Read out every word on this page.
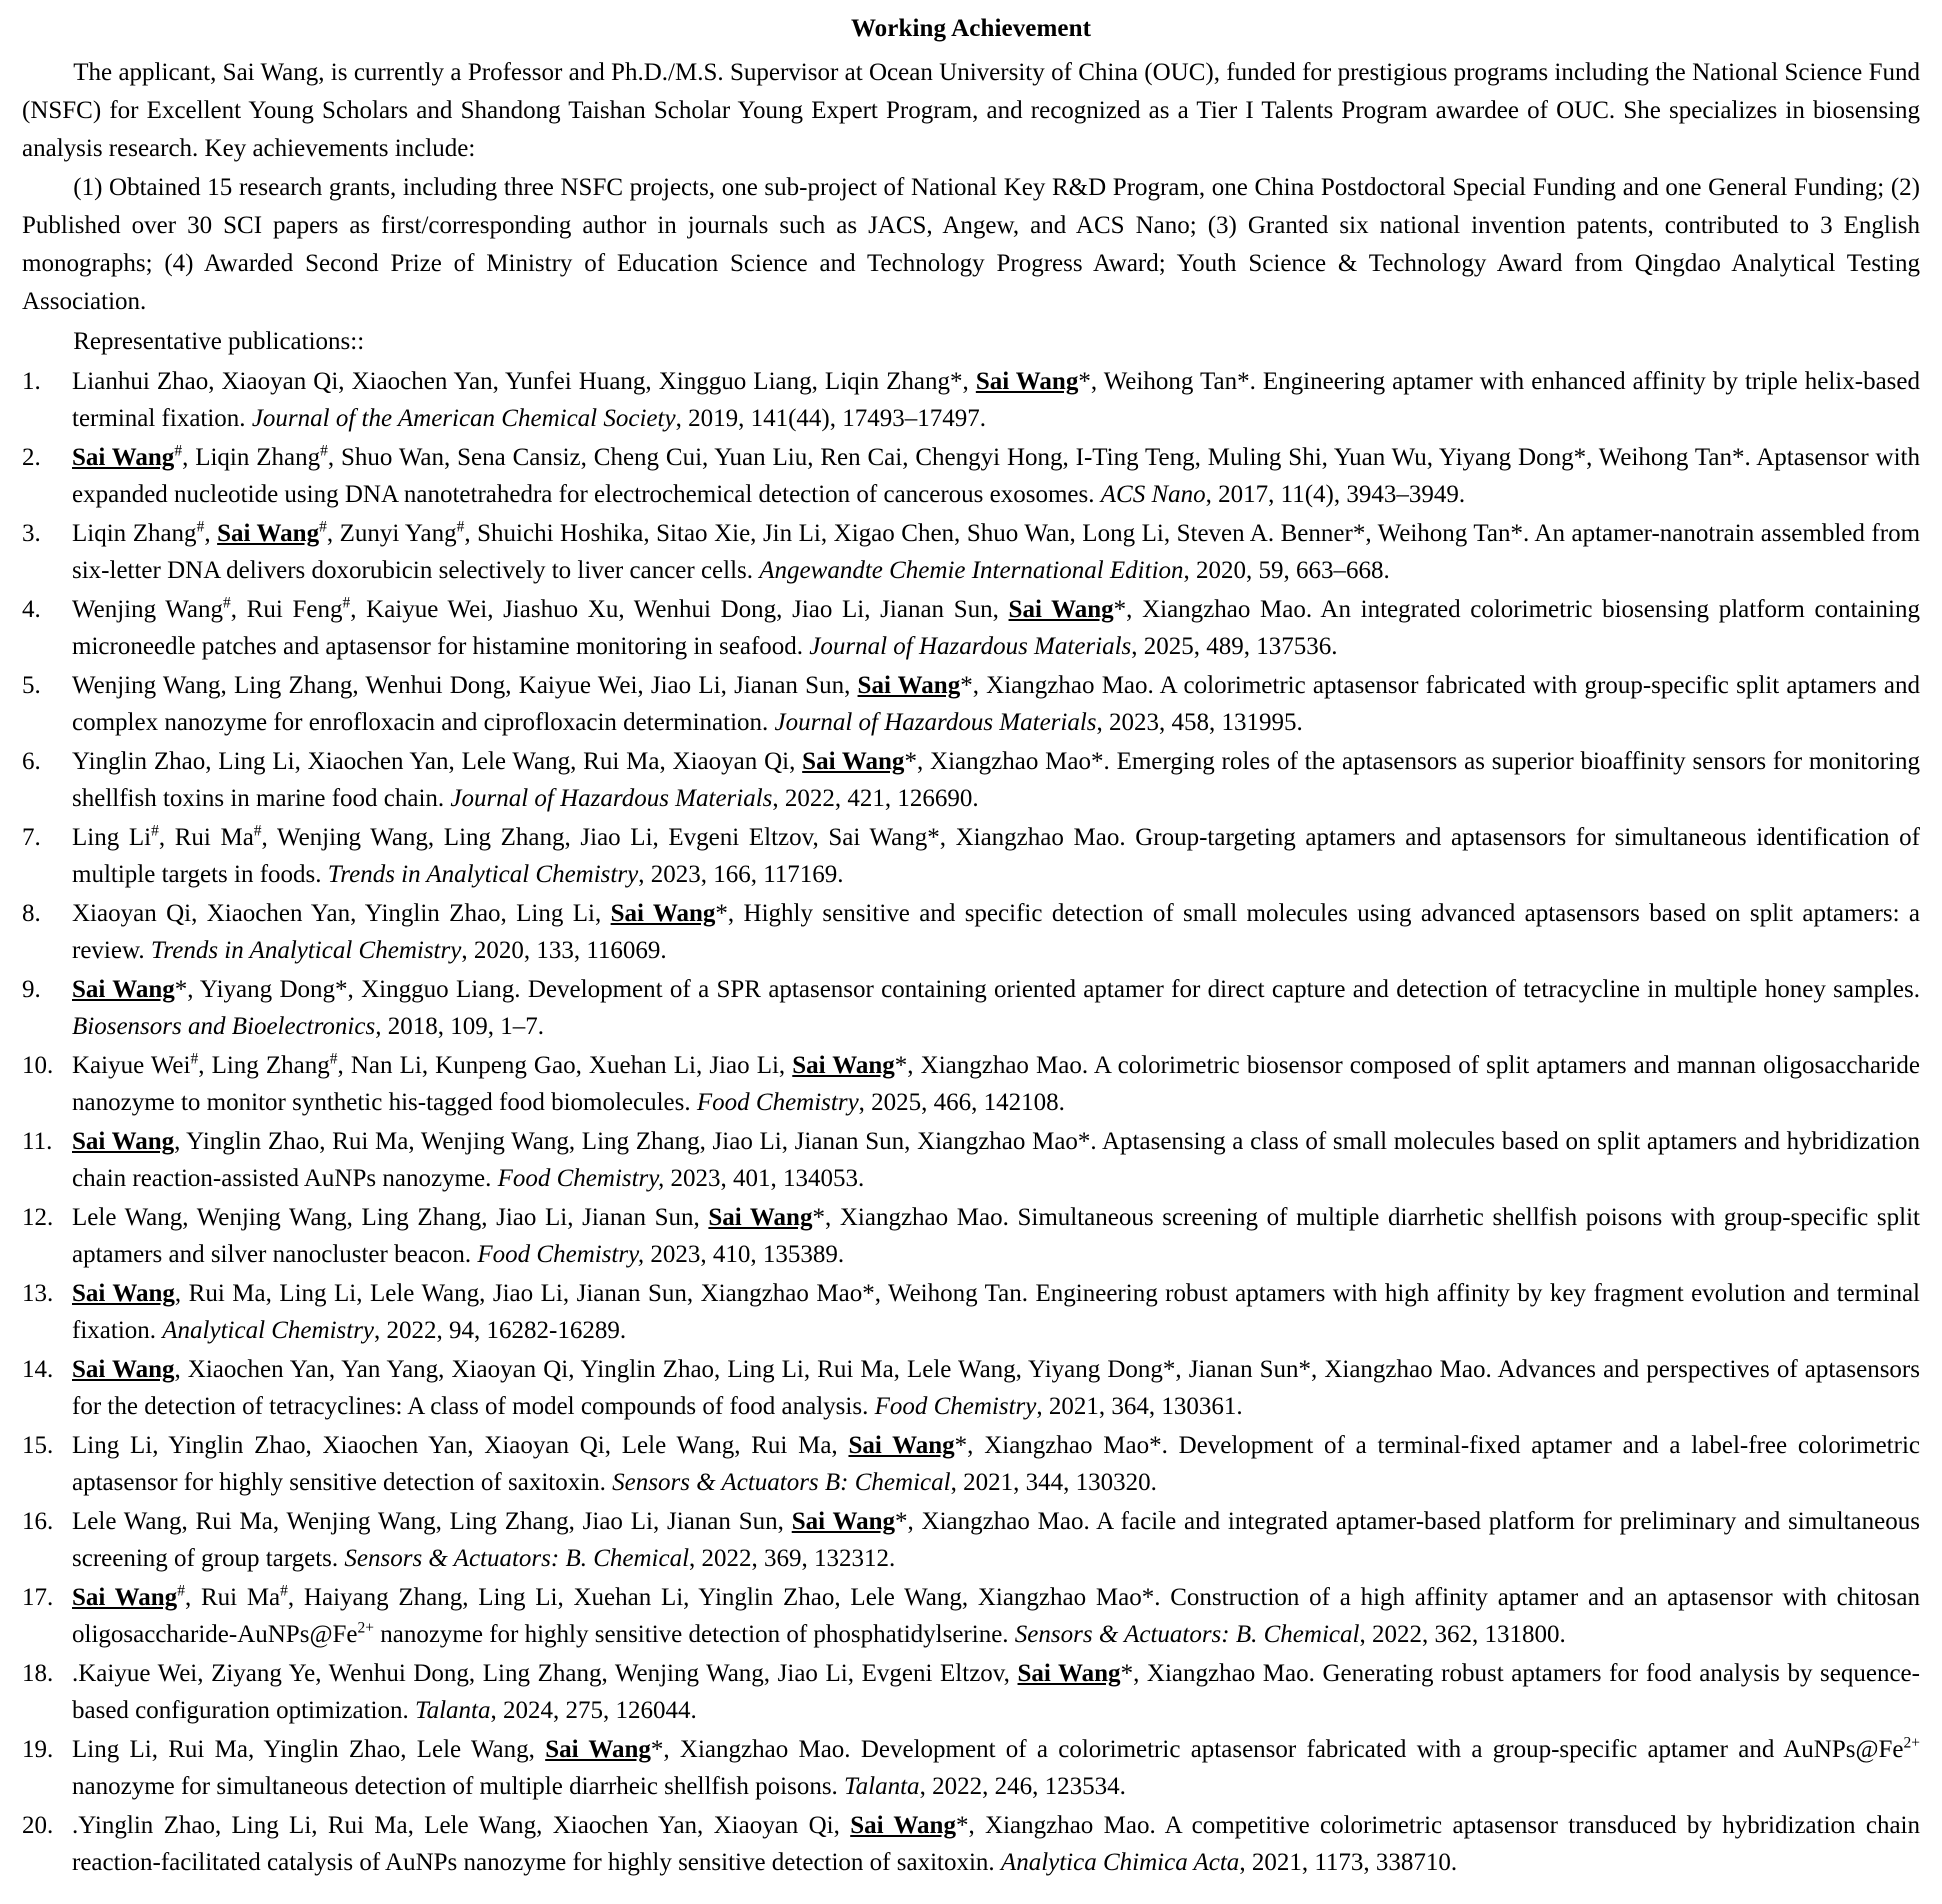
Working Achievement

The applicant, Sai Wang, is currently a Professor and Ph.D./M.S. Supervisor at Ocean University of China (OUC), funded for prestigious programs including the National Science Fund (NSFC) for Excellent Young Scholars and Shandong Taishan Scholar Young Expert Program, and recognized as a Tier I Talents Program awardee of OUC. She specializes in biosensing analysis research. Key achievements include:

(1) Obtained 15 research grants, including three NSFC projects, one sub-project of National Key R&D Program, one China Postdoctoral Special Funding and one General Funding; (2) Published over 30 SCI papers as first/corresponding author in journals such as JACS, Angew, and ACS Nano; (3) Granted six national invention patents, contributed to 3 English monographs; (4) Awarded Second Prize of Ministry of Education Science and Technology Progress Award; Youth Science & Technology Award from Qingdao Analytical Testing Association.

Representative publications::
1.	Lianhui Zhao, Xiaoyan Qi, Xiaochen Yan, Yunfei Huang, Xingguo Liang, Liqin Zhang*, Sai Wang*, Weihong Tan*. Engineering aptamer with enhanced affinity by triple helix-based terminal fixation. Journal of the American Chemical Society, 2019, 141(44), 17493–17497.
2.	Sai Wang#, Liqin Zhang#, Shuo Wan, Sena Cansiz, Cheng Cui, Yuan Liu, Ren Cai, Chengyi Hong, I-Ting Teng, Muling Shi, Yuan Wu, Yiyang Dong*, Weihong Tan*. Aptasensor with expanded nucleotide using DNA nanotetrahedra for electrochemical detection of cancerous exosomes. ACS Nano, 2017, 11(4), 3943–3949.
3.	Liqin Zhang#, Sai Wang#, Zunyi Yang#, Shuichi Hoshika, Sitao Xie, Jin Li, Xigao Chen, Shuo Wan, Long Li, Steven A. Benner*, Weihong Tan*. An aptamer-nanotrain assembled from six-letter DNA delivers doxorubicin selectively to liver cancer cells. Angewandte Chemie International Edition, 2020, 59, 663–668.
4.	Wenjing Wang#, Rui Feng#, Kaiyue Wei, Jiashuo Xu, Wenhui Dong, Jiao Li, Jianan Sun, Sai Wang*, Xiangzhao Mao. An integrated colorimetric biosensing platform containing microneedle patches and aptasensor for histamine monitoring in seafood. Journal of Hazardous Materials, 2025, 489, 137536.
5.	Wenjing Wang, Ling Zhang, Wenhui Dong, Kaiyue Wei, Jiao Li, Jianan Sun, Sai Wang*, Xiangzhao Mao. A colorimetric aptasensor fabricated with group-specific split aptamers and complex nanozyme for enrofloxacin and ciprofloxacin determination. Journal of Hazardous Materials, 2023, 458, 131995.
6.	Yinglin Zhao, Ling Li, Xiaochen Yan, Lele Wang, Rui Ma, Xiaoyan Qi, Sai Wang*, Xiangzhao Mao*. Emerging roles of the aptasensors as superior bioaffinity sensors for monitoring shellfish toxins in marine food chain. Journal of Hazardous Materials, 2022, 421, 126690.
7.	Ling Li#, Rui Ma#, Wenjing Wang, Ling Zhang, Jiao Li, Evgeni Eltzov, Sai Wang*, Xiangzhao Mao. Group-targeting aptamers and aptasensors for simultaneous identification of multiple targets in foods. Trends in Analytical Chemistry, 2023, 166, 117169.
8.	Xiaoyan Qi, Xiaochen Yan, Yinglin Zhao, Ling Li, Sai Wang*, Highly sensitive and specific detection of small molecules using advanced aptasensors based on split aptamers: a review. Trends in Analytical Chemistry, 2020, 133, 116069.
9.	Sai Wang*, Yiyang Dong*, Xingguo Liang. Development of a SPR aptasensor containing oriented aptamer for direct capture and detection of tetracycline in multiple honey samples. Biosensors and Bioelectronics, 2018, 109, 1–7.
10. Kaiyue Wei#, Ling Zhang#, Nan Li, Kunpeng Gao, Xuehan Li, Jiao Li, Sai Wang*, Xiangzhao Mao. A colorimetric biosensor composed of split aptamers and mannan oligosaccharide nanozyme to monitor synthetic his-tagged food biomolecules. Food Chemistry, 2025, 466, 142108.
11. Sai Wang, Yinglin Zhao, Rui Ma, Wenjing Wang, Ling Zhang, Jiao Li, Jianan Sun, Xiangzhao Mao*. Aptasensing a class of small molecules based on split aptamers and hybridization chain reaction-assisted AuNPs nanozyme. Food Chemistry, 2023, 401, 134053.
12. Lele Wang, Wenjing Wang, Ling Zhang, Jiao Li, Jianan Sun, Sai Wang*, Xiangzhao Mao. Simultaneous screening of multiple diarrhetic shellfish poisons with group-specific split aptamers and silver nanocluster beacon. Food Chemistry, 2023, 410, 135389.
13. Sai Wang, Rui Ma, Ling Li, Lele Wang, Jiao Li, Jianan Sun, Xiangzhao Mao*, Weihong Tan. Engineering robust aptamers with high affinity by key fragment evolution and terminal fixation. Analytical Chemistry, 2022, 94, 16282-16289.
14. Sai Wang, Xiaochen Yan, Yan Yang, Xiaoyan Qi, Yinglin Zhao, Ling Li, Rui Ma, Lele Wang, Yiyang Dong*, Jianan Sun*, Xiangzhao Mao. Advances and perspectives of aptasensors for the detection of tetracyclines: A class of model compounds of food analysis. Food Chemistry, 2021, 364, 130361.
15. Ling Li, Yinglin Zhao, Xiaochen Yan, Xiaoyan Qi, Lele Wang, Rui Ma, Sai Wang*, Xiangzhao Mao*. Development of a terminal-fixed aptamer and a label-free colorimetric aptasensor for highly sensitive detection of saxitoxin. Sensors & Actuators B: Chemical, 2021, 344, 130320.
16. Lele Wang, Rui Ma, Wenjing Wang, Ling Zhang, Jiao Li, Jianan Sun, Sai Wang*, Xiangzhao Mao. A facile and integrated aptamer-based platform for preliminary and simultaneous screening of group targets. Sensors & Actuators: B. Chemical, 2022, 369, 132312.
17. Sai Wang#, Rui Ma#, Haiyang Zhang, Ling Li, Xuehan Li, Yinglin Zhao, Lele Wang, Xiangzhao Mao*. Construction of a high affinity aptamer and an aptasensor with chitosan oligosaccharide-$AuNPs@Fe^{2+}$ nanozyme for highly sensitive detection of phosphatidylserine. Sensors & Actuators: B. Chemical, 2022, 362, 131800.
18. .Kaiyue Wei, Ziyang Ye, Wenhui Dong, Ling Zhang, Wenjing Wang, Jiao Li, Evgeni Eltzov, Sai Wang*, Xiangzhao Mao. Generating robust aptamers for food analysis by sequence-based configuration optimization. Talanta, 2024, 275, 126044.
19. Ling Li, Rui Ma, Yinglin Zhao, Lele Wang, Sai Wang*, Xiangzhao Mao. Development of a colorimetric aptasensor fabricated with a group-specific aptamer and $AuNPs@Fe^{2+}$ nanozyme for simultaneous detection of multiple diarrheic shellfish poisons. Talanta, 2022, 246, 123534.
20. .Yinglin Zhao, Ling Li, Rui Ma, Lele Wang, Xiaochen Yan, Xiaoyan Qi, Sai Wang*, Xiangzhao Mao. A competitive colorimetric aptasensor transduced by hybridization chain reaction-facilitated catalysis of AuNPs nanozyme for highly sensitive detection of saxitoxin. Analytica Chimica Acta, 2021, 1173, 338710.
